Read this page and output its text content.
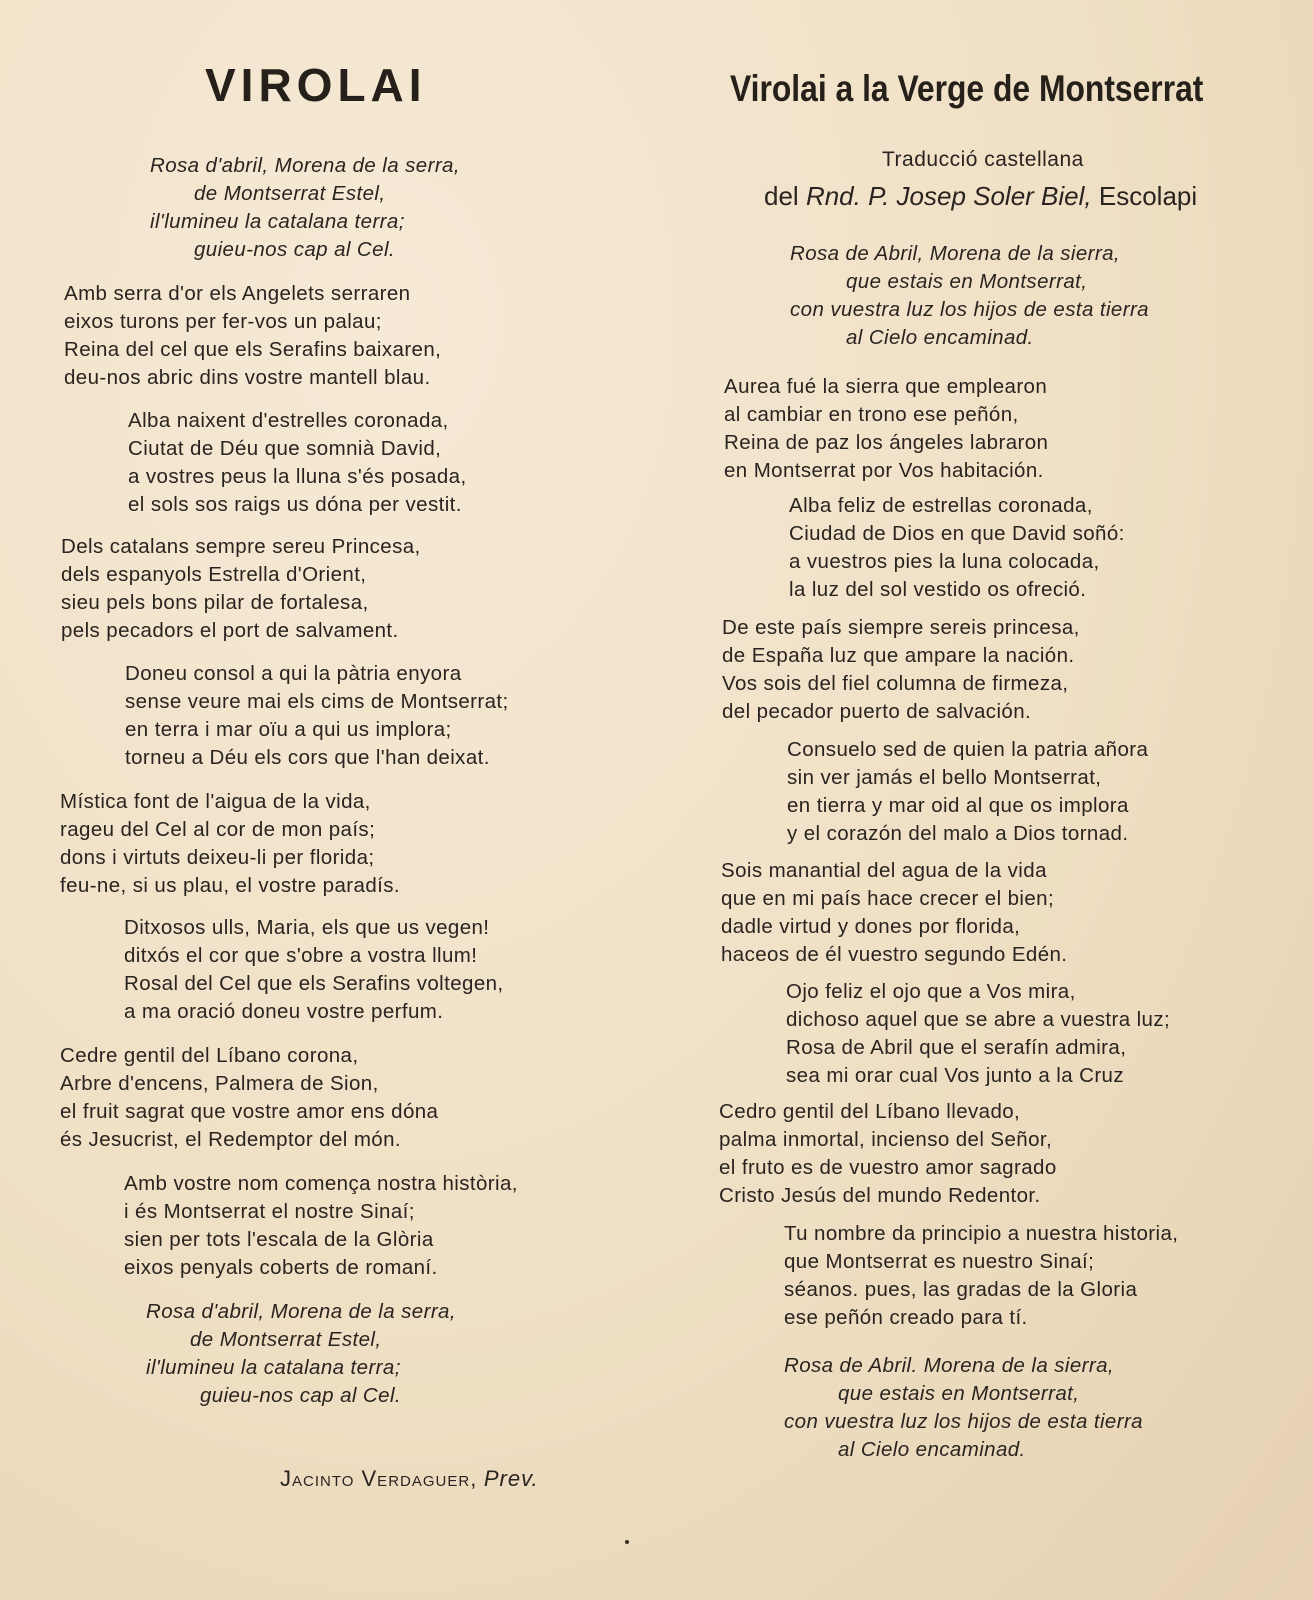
VIROLAI
Rosa d'abril, Morena de la serra,
de Montserrat Estel,
il'lumineu la catalana terra;
guieu-nos cap al Cel.
Amb serra d'or els Angelets serraren
eixos turons per fer-vos un palau;
Reina del cel que els Serafins baixaren,
deu-nos abric dins vostre mantell blau.
Alba naixent d'estrelles coronada,
Ciutat de Déu que somnià David,
a vostres peus la lluna s'és posada,
el sols sos raigs us dóna per vestit.
Dels catalans sempre sereu Princesa,
dels espanyols Estrella d'Orient,
sieu pels bons pilar de fortalesa,
pels pecadors el port de salvament.
Doneu consol a qui la pàtria enyora
sense veure mai els cims de Montserrat;
en terra i mar oïu a qui us implora;
torneu a Déu els cors que l'han deixat.
Mística font de l'aigua de la vida,
rageu del Cel al cor de mon país;
dons i virtuts deixeu-li per florida;
feu-ne, si us plau, el vostre paradís.
Ditxosos ulls, Maria, els que us vegen!
ditxós el cor que s'obre a vostra llum!
Rosal del Cel que els Serafins voltegen,
a ma oració doneu vostre perfum.
Cedre gentil del Líbano corona,
Arbre d'encens, Palmera de Sion,
el fruit sagrat que vostre amor ens dóna
és Jesucrist, el Redemptor del món.
Amb vostre nom comença nostra història,
i és Montserrat el nostre Sinaí;
sien per tots l'escala de la Glòria
eixos penyals coberts de romaní.
Rosa d'abril, Morena de la serra,
de Montserrat Estel,
il'lumineu la catalana terra;
guieu-nos cap al Cel.
Jacinto Verdaguer, Prev.
Virolai a la Verge de Montserrat
Traducció castellana
del Rnd. P. Josep Soler Biel, Escolapi
Rosa de Abril, Morena de la sierra,
que estais en Montserrat,
con vuestra luz los hijos de esta tierra
al Cielo encaminad.
Aurea fué la sierra que emplearon
al cambiar en trono ese peñón,
Reina de paz los ángeles labraron
en Montserrat por Vos habitación.
Alba feliz de estrellas coronada,
Ciudad de Dios en que David soñó:
a vuestros pies la luna colocada,
la luz del sol vestido os ofreció.
De este país siempre sereis princesa,
de España luz que ampare la nación.
Vos sois del fiel columna de firmeza,
del pecador puerto de salvación.
Consuelo sed de quien la patria añora
sin ver jamás el bello Montserrat,
en tierra y mar oid al que os implora
y el corazón del malo a Dios tornad.
Sois manantial del agua de la vida
que en mi país hace crecer el bien;
dadle virtud y dones por florida,
haceos de él vuestro segundo Edén.
Ojo feliz el ojo que a Vos mira,
dichoso aquel que se abre a vuestra luz;
Rosa de Abril que el serafín admira,
sea mi orar cual Vos junto a la Cruz
Cedro gentil del Líbano llevado,
palma inmortal, incienso del Señor,
el fruto es de vuestro amor sagrado
Cristo Jesús del mundo Redentor.
Tu nombre da principio a nuestra historia,
que Montserrat es nuestro Sinaí;
séanos. pues, las gradas de la Gloria
ese peñón creado para tí.
Rosa de Abril. Morena de la sierra,
que estais en Montserrat,
con vuestra luz los hijos de esta tierra
al Cielo encaminad.
